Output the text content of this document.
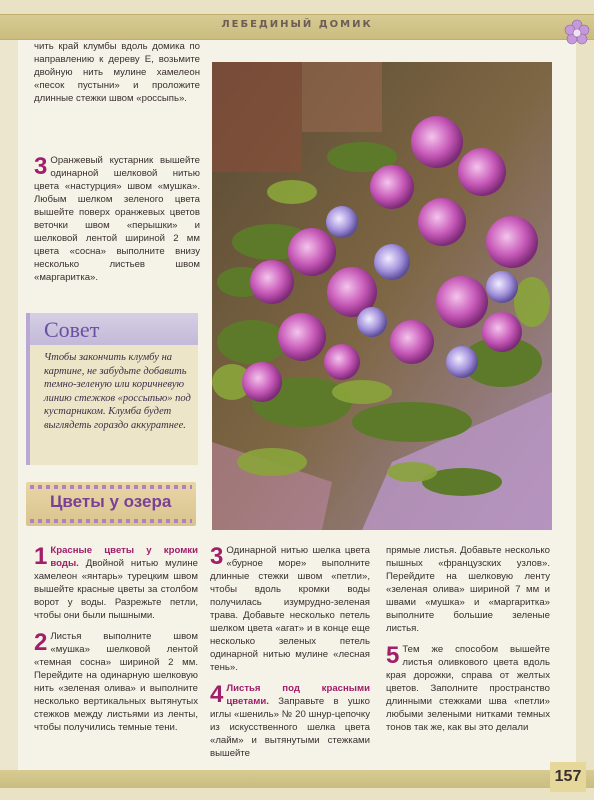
ЛЕБЕДИНЫЙ ДОМИК
чить край клумбы вдоль домика по направлению к дереву Е, возьмите двойную нить мулине хамелеон «песок пустыни» и проложите длинные стежки швом «россыпь».
3 Оранжевый кустарник вышейте одинарной шелковой нитью цвета «настурция» швом «мушка». Любым шелком зеленого цвета вышейте поверх оранжевых цветов веточки швом «перышки» и шелковой лентой шириной 2 мм цвета «сосна» выполните внизу несколько листьев швом «маргаритка».
Совет
Чтобы закончить клумбу на картине, не забудьте добавить темно-зеленую или коричневую линию стежков «россыпью» под кустарником. Клумба будет выглядеть гораздо аккуратнее.
Цветы у озера

1 Красные цветы у кромки воды. Двойной нитью мулине хамелеон «янтарь» турецким швом вышейте красные цветы за столбом ворот у воды. Разрежьте петли, чтобы они были пышными.

2 Листья выполните швом «мушка» шелковой лентой «темная сосна» шириной 2 мм. Перейдите на одинарную шелковую нить «зеленая олива» и выполните несколько вертикальных вытянутых стежков между листьями из ленты, чтобы получились темные тени.

3 Одинарной нитью шелка цвета «бурное море» выполните длинные стежки швом «петли», чтобы вдоль кромки воды получилась изумрудно-зеленая трава. Добавьте несколько петель шелком цвета «агат» и в конце еще несколько зеленых петель одинарной нитью мулине «лесная тень».

4 Листья под красными цветами. Заправьте в ушко иглы «шениль» № 20 шнур-цепочку из искусственного шелка цвета «лайм» и вытянутыми стежками вышейте

прямые листья. Добавьте несколько пышных «французских узлов». Перейдите на шелковую ленту «зеленая олива» шириной 7 мм и швами «мушка» и «маргаритка» выполните большие зеленые листья.

5 Тем же способом вышейте листья оливкового цвета вдоль края дорожки, справа от желтых цветов. Заполните пространство длинными стежками шва «петли» любыми зелеными нитками темных тонов так же, как вы это делали

157
